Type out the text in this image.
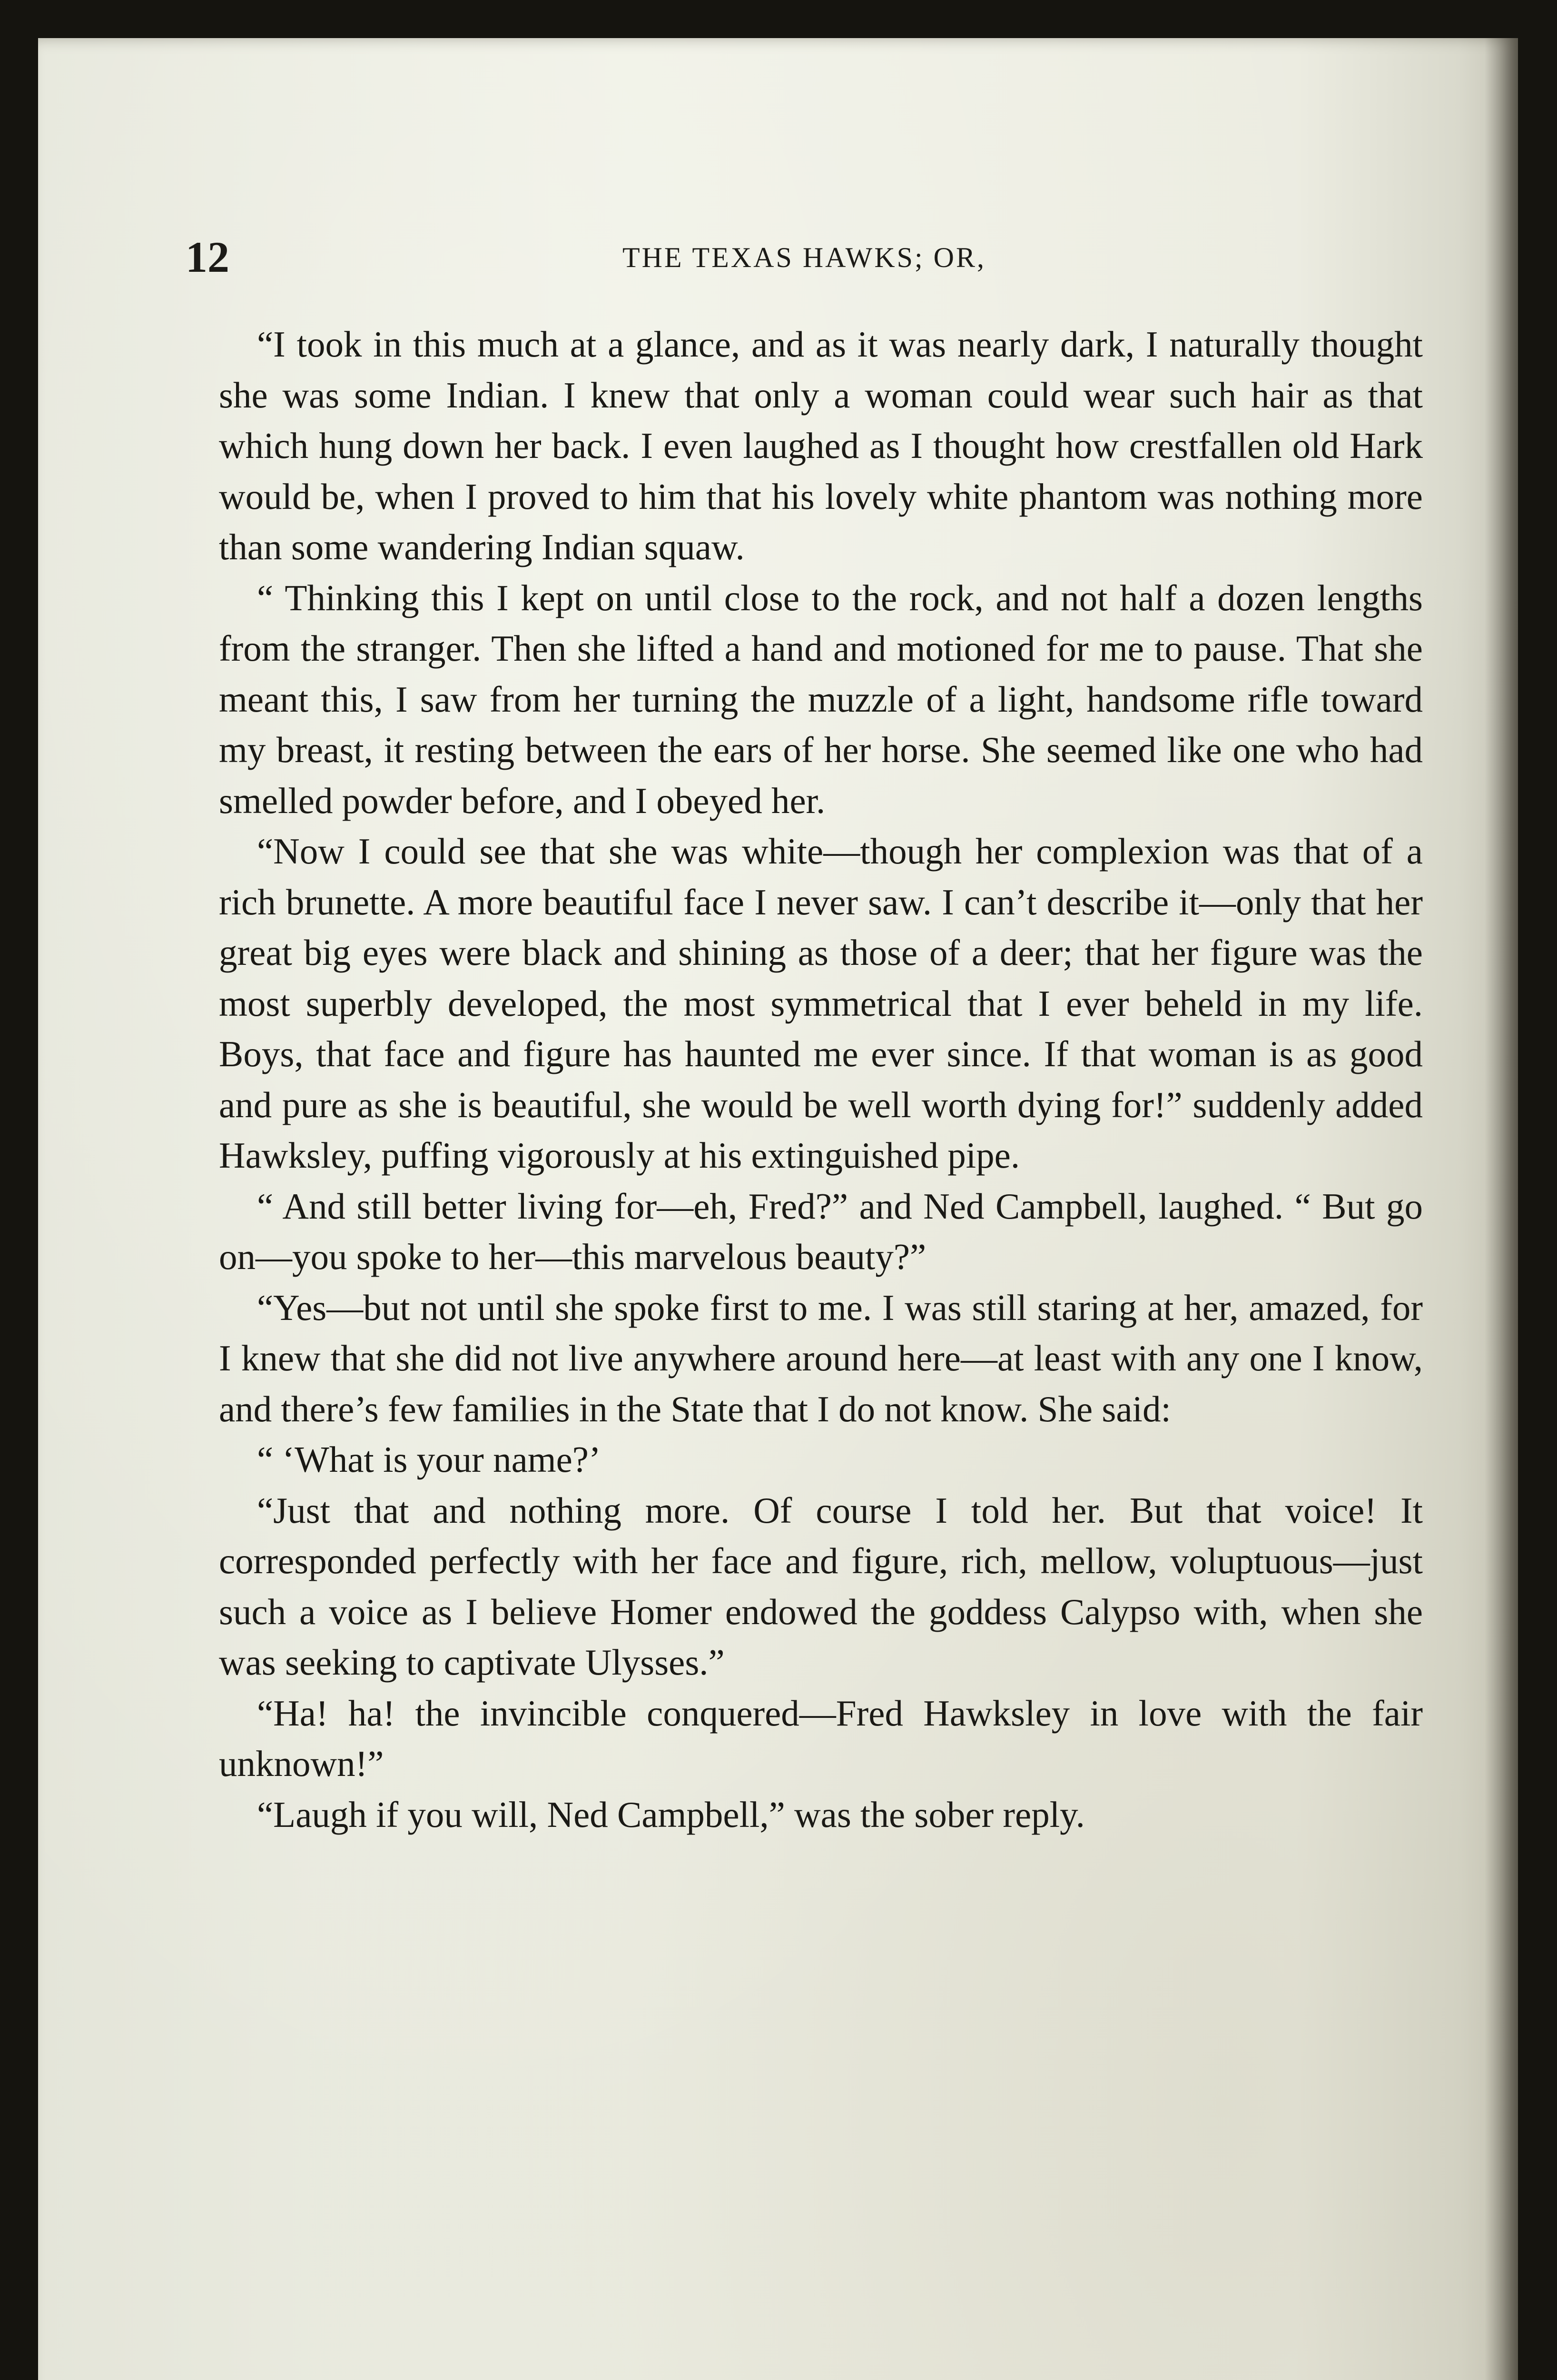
12	THE TEXAS HAWKS; OR,

“I took in this much at a glance, and as it was nearly dark, I naturally thought she was some Indian. I knew that only a woman could wear such hair as that which hung down her back. I even laughed as I thought how crestfallen old Hark would be, when I proved to him that his lovely white phantom was nothing more than some wandering Indian squaw.

“ Thinking this I kept on until close to the rock, and not half a dozen lengths from the stranger. Then she lifted a hand and motioned for me to pause. That she meant this, I saw from her turning the muzzle of a light, handsome rifle toward my breast, it resting between the ears of her horse. She seemed like one who had smelled powder before, and I obeyed her.

“Now I could see that she was white—though her complexion was that of a rich brunette. A more beautiful face I never saw. I can’t describe it—only that her great big eyes were black and shining as those of a deer; that her figure was the most superbly developed, the most symmetrical that I ever beheld in my life. Boys, that face and figure has haunted me ever since. If that woman is as good and pure as she is beautiful, she would be well worth dying for!” suddenly added Hawksley, puffing vigorously at his extinguished pipe.

“ And still better living for—eh, Fred?” and Ned Campbell, laughed. “ But go on—you spoke to her—this marvelous beauty?”

“Yes—but not until she spoke first to me. I was still staring at her, amazed, for I knew that she did not live anywhere around here—at least with any one I know, and there’s few families in the State that I do not know. She said:

“ ‘What is your name?’

“Just that and nothing more. Of course I told her. But that voice! It corresponded perfectly with her face and figure, rich, mellow, voluptuous—just such a voice as I believe Homer endowed the goddess Calypso with, when she was seeking to captivate Ulysses.”

“Ha! ha! the invincible conquered—Fred Hawksley in love with the fair unknown!”

“Laugh if you will, Ned Campbell,” was the sober reply.
